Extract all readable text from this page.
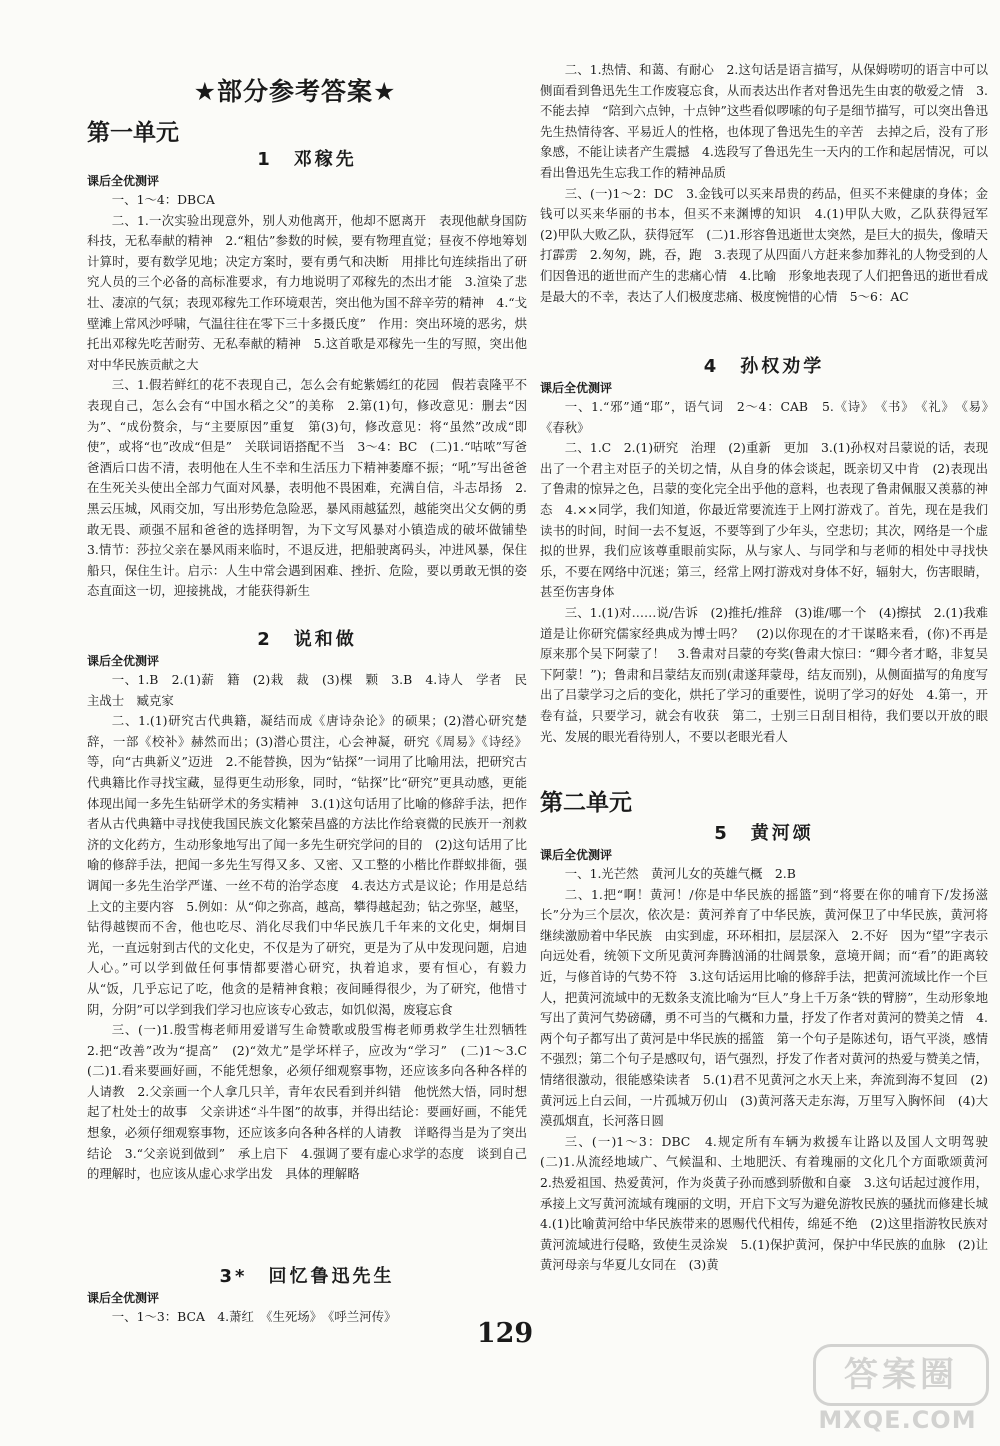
★部分参考答案★
第一单元
1　邓稼先
课后全优测评

一、1～4：DBCA

二、1.一次实验出现意外，别人劝他离开，他却不愿离开　表现他献身国防科技，无私奉献的精神　2.“粗估”参数的时候，要有物理直觉；昼夜不停地筹划计算时，要有数学见地；决定方案时，要有勇气和决断　用排比句连续指出了研究人员的三个必备的高标准要求，有力地说明了邓稼先的杰出才能　3.渲染了悲壮、凄凉的气氛；表现邓稼先工作环境艰苦，突出他为国不辞辛劳的精神　4.“戈壁滩上常风沙呼啸，气温往往在零下三十多摄氏度”　作用：突出环境的恶劣，烘托出邓稼先吃苦耐劳、无私奉献的精神　5.这首歌是邓稼先一生的写照，突出他对中华民族贡献之大

三、1.假若鲜红的花不表现自己，怎么会有蛇紫嫣红的花园　假若袁隆平不表现自己，怎么会有“中国水稻之父”的美称　2.第(1)句，修改意见：删去“因为”、“成份赘余，与“主要原因”重复　第(3)句，修改意见：将“虽然”改成“即使”，或将“也”改成“但是”　关联词语搭配不当　3～4：BC　(二)1.“咕哝”写爸爸酒后口齿不清，表明他在人生不幸和生活压力下精神萎靡不振；“吼”写出爸爸在生死关头使出全部力气面对风暴，表明他不畏困难，充满自信，斗志昂扬　2.黑云压城，风雨交加，写出形势危急险恶，暴风雨越猛烈，越能突出父女俩的勇敢无畏、顽强不屈和爸爸的选择明智，为下文写风暴对小镇造成的破坏做铺垫　3.情节：莎拉父亲在暴风雨来临时，不退反进，把船驶离码头，冲进风暴，保住船只，保住生计。启示：人生中常会遇到困难、挫折、危险，要以勇敢无惧的姿态直面这一切，迎接挑战，才能获得新生

2　说和做
课后全优测评

一、1.B　2.(1)薪　籍　(2)栽　裁　(3)棵　颗　3.B　4.诗人　学者　民主战士　臧克家

二、1.(1)研究古代典籍，凝结而成《唐诗杂论》的硕果；(2)潜心研究楚辞，一部《校补》赫然而出；(3)潜心贯注，心会神凝，研究《周易》《诗经》等，向“古典新义”迈进　2.不能替换，因为“钻探”一词用了比喻用法，把研究古代典籍比作寻找宝藏，显得更生动形象，同时，“钻探”比“研究”更具动感，更能体现出闻一多先生钻研学术的务实精神　3.(1)这句话用了比喻的修辞手法，把作者从古代典籍中寻找使我国民族文化繁荣昌盛的方法比作给衰微的民族开一剂救济的文化药方，生动形象地写出了闻一多先生研究学问的目的　(2)这句话用了比喻的修辞手法，把闻一多先生写得又多、又密、又工整的小楷比作群蚁排衙，强调闻一多先生治学严谨、一丝不苟的治学态度　4.表达方式是议论；作用是总结上文的主要内容　5.例如：从“仰之弥高，越高，攀得越起劲；钻之弥坚，越坚，钻得越锲而不舍，他也吃尽、消化尽我们中华民族几千年来的文化史，炯炯目光，一直远射到古代的文化史，不仅是为了研究，更是为了从中发现问题，启迪人心。”可以学到做任何事情都要潜心研究，执着追求，要有恒心，有毅力　从“饭，几乎忘记了吃，他贪的是精神食粮；夜间睡得很少，为了研究，他惜寸阴，分阴”可以学到我们学习也应该专心致志，如饥似渴，废寝忘食

三、(一)1.殷雪梅老师用爱谱写生命赞歌或殷雪梅老师勇救学生壮烈牺牲　2.把“改善”改为“提高”　(2)“效尤”是学坏样子，应改为“学习”　(二)1～3.C　(二)1.看来要画好画，不能凭想象，必须仔细观察事物，还应该多向各种各样的人请教　2.父亲画一个人拿几只羊，青年农民看到并纠错　他恍然大悟，同时想起了杜处士的故事　父亲讲述“斗牛图”的故事，并得出结论：要画好画，不能凭想象，必须仔细观察事物，还应该多向各种各样的人请教　详略得当是为了突出结论　3.“父亲说到做到”　承上启下　4.强调了要有虚心求学的态度　谈到自己的理解时，也应该从虚心求学出发　具体的理解略

3*　回忆鲁迅先生
课后全优测评

一、1～3：BCA　4.萧红　《生死场》　《呼兰河传》

二、1.热情、和蔼、有耐心　2.这句话是语言描写，从保姆唠叨的语言中可以侧面看到鲁迅先生工作废寝忘食，从而表达出作者对鲁迅先生由衷的敬爱之情　3.不能去掉　“陪到六点钟，十点钟”这些看似啰嗦的句子是细节描写，可以突出鲁迅先生热情待客、平易近人的性格，也体现了鲁迅先生的辛苦　去掉之后，没有了形象感，不能让读者产生震撼　4.选段写了鲁迅先生一天内的工作和起居情况，可以看出鲁迅先生忘我工作的精神品质

三、(一)1～2：DC　3.金钱可以买来昂贵的药品，但买不来健康的身体；金钱可以买来华丽的书本，但买不来渊博的知识　4.(1)甲队大败，乙队获得冠军　(2)甲队大败乙队，获得冠军　(二)1.形容鲁迅逝世太突然，是巨大的损失，像晴天打霹雳　2.匆匆，跳，吞，跑　3.表现了从四面八方赶来参加葬礼的人物受到的人们因鲁迅的逝世而产生的悲痛心情　4.比喻　形象地表现了人们把鲁迅的逝世看成是最大的不幸，表达了人们极度悲痛、极度惋惜的心情　5～6：AC

4　孙权劝学
课后全优测评

一、1.“邪”通“耶”，语气词　2～4：CAB　5.《诗》　《书》　《礼》　《易》　《春秋》

二、1.C　2.(1)研究　治理　(2)重新　更加　3.(1)孙权对吕蒙说的话，表现出了一个君主对臣子的关切之情，从自身的体会谈起，既亲切又中肯　(2)表现出了鲁肃的惊异之色，吕蒙的变化完全出乎他的意料，也表现了鲁肃佩服又羡慕的神态　4.××同学，我们知道，你最近常要流连于上网打游戏了。首先，现在是我们读书的时间，时间一去不复返，不要等到了少年头，空悲切；其次，网络是一个虚拟的世界，我们应该尊重眼前实际，从与家人、与同学和与老师的相处中寻找快乐，不要在网络中沉迷；第三，经常上网打游戏对身体不好，辐射大，伤害眼睛，甚至伤害身体

三、1.(1)对……说/告诉　(2)推托/推辞　(3)谁/哪一个　(4)擦拭　2.(1)我难道是让你研究儒家经典成为博士吗？　(2)以你现在的才干谋略来看，(你)不再是原来那个吴下阿蒙了！　3.鲁肃对吕蒙的夸奖(鲁肃大惊曰：“卿今者才略，非复吴下阿蒙！”)；鲁肃和吕蒙结友而别(肃遂拜蒙母，结友而别)，从侧面描写的角度写出了吕蒙学习之后的变化，烘托了学习的重要性，说明了学习的好处　4.第一，开卷有益，只要学习，就会有收获　第二，士别三日刮目相待，我们要以开放的眼光、发展的眼光看待别人，不要以老眼光看人

第二单元
5　黄河颂
课后全优测评

一、1.光芒然　黄河儿女的英雄气概　2.B

二、1.把“啊！黄河！/你是中华民族的摇篮”到“将要在你的哺育下/发扬滋长”分为三个层次，依次是：黄河养育了中华民族，黄河保卫了中华民族，黄河将继续激励着中华民族　由实到虚，环环相扣，层层深入　2.不好　因为“望”字表示向远处看，统领下文所见黄河奔腾汹涌的壮阔景象，意境开阔；而“看”的距离较近，与修首诗的气势不符　3.这句话运用比喻的修辞手法，把黄河流域比作一个巨人，把黄河流域中的无数条支流比喻为“巨人”身上千万条“铁的臂膀”，生动形象地写出了黄河气势磅礴，勇不可当的气概和力量，抒发了作者对黄河的赞美之情　4.两个句子都写出了黄河是中华民族的摇篮　第一个句子是陈述句，语气平淡，感情不强烈；第二个句子是感叹句，语气强烈，抒发了作者对黄河的热爱与赞美之情，情绪很激动，很能感染读者　5.(1)君不见黄河之水天上来，奔流到海不复回　(2)黄河远上白云间，一片孤城万仞山　(3)黄河落天走东海，万里写入胸怀间　(4)大漠孤烟直，长河落日圆

三、(一)1～3：DBC　4.规定所有车辆为救援车让路以及国人文明驾驶　(二)1.从流经地域广、气候温和、土地肥沃、有着瑰丽的文化几个方面歌颂黄河　2.热爱祖国、热爱黄河，作为炎黄子孙而感到骄傲和自豪　3.这句话起过渡作用，承接上文写黄河流域有瑰丽的文明，开启下文写为避免游牧民族的骚扰而修建长城　4.(1)比喻黄河给中华民族带来的恩赐代代相传，绵延不绝　(2)这里指游牧民族对黄河流域进行侵略，致使生灵涂炭　5.(1)保护黄河，保护中华民族的血脉　(2)让黄河母亲与华夏儿女同在　(3)黄

129
答案圈
MXQE.COM
